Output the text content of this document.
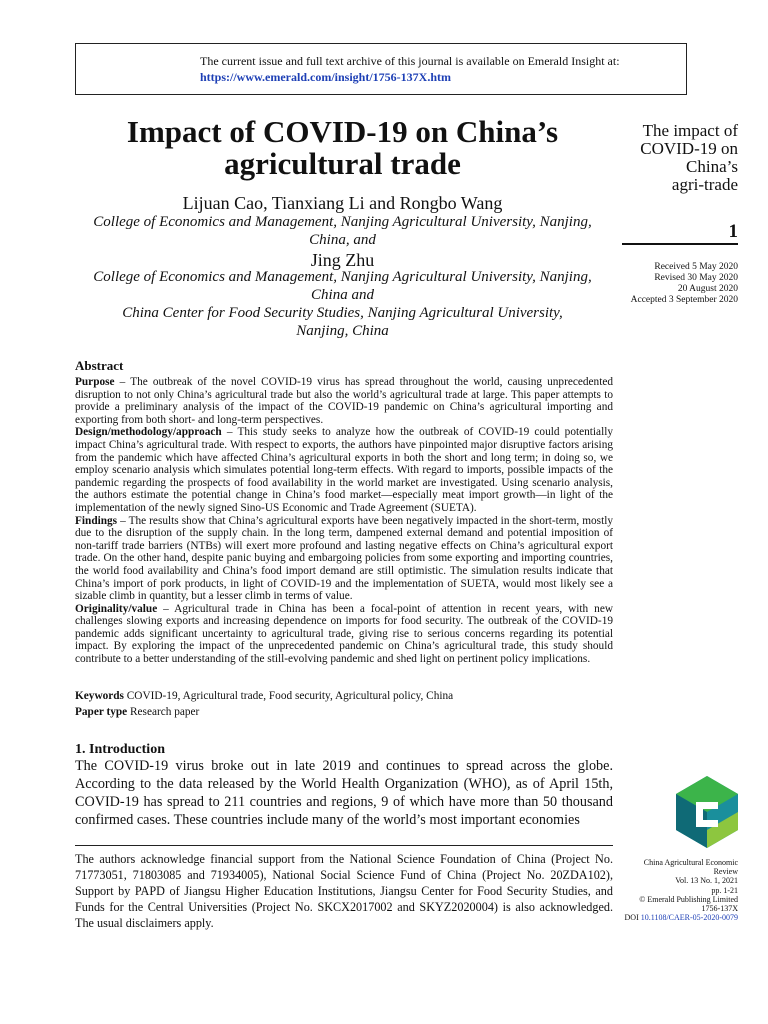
The current issue and full text archive of this journal is available on Emerald Insight at:
https://www.emerald.com/insight/1756-137X.htm
Impact of COVID-19 on China’s
agricultural trade
Lijuan Cao, Tianxiang Li and Rongbo Wang
College of Economics and Management, Nanjing Agricultural University, Nanjing,
China, and
Jing Zhu
College of Economics and Management, Nanjing Agricultural University, Nanjing,
China and
China Center for Food Security Studies, Nanjing Agricultural University,
Nanjing, China
The impact of
COVID-19 on
China’s
agri-trade
1
Received 5 May 2020
Revised 30 May 2020
20 August 2020
Accepted 3 September 2020
Abstract

Purpose – The outbreak of the novel COVID-19 virus has spread throughout the world, causing unprecedented disruption to not only China’s agricultural trade but also the world’s agricultural trade at large. This paper attempts to provide a preliminary analysis of the impact of the COVID-19 pandemic on China’s agricultural importing and exporting from both short- and long-term perspectives.

Design/methodology/approach – This study seeks to analyze how the outbreak of COVID-19 could potentially impact China’s agricultural trade. With respect to exports, the authors have pinpointed major disruptive factors arising from the pandemic which have affected China’s agricultural exports in both the short and long term; in doing so, we employ scenario analysis which simulates potential long-term effects. With regard to imports, possible impacts of the pandemic regarding the prospects of food availability in the world market are investigated. Using scenario analysis, the authors estimate the potential change in China’s food market—especially meat import growth—in light of the implementation of the newly signed Sino-US Economic and Trade Agreement (SUETA).

Findings – The results show that China’s agricultural exports have been negatively impacted in the short-term, mostly due to the disruption of the supply chain. In the long term, dampened external demand and potential imposition of non-tariff trade barriers (NTBs) will exert more profound and lasting negative effects on China’s agricultural export trade. On the other hand, despite panic buying and embargoing policies from some exporting and importing countries, the world food availability and China’s food import demand are still optimistic. The simulation results indicate that China’s import of pork products, in light of COVID-19 and the implementation of SUETA, would most likely see a sizable climb in quantity, but a lesser climb in terms of value.

Originality/value – Agricultural trade in China has been a focal-point of attention in recent years, with new challenges slowing exports and increasing dependence on imports for food security. The outbreak of the COVID-19 pandemic adds significant uncertainty to agricultural trade, giving rise to serious concerns regarding its potential impact. By exploring the impact of the unprecedented pandemic on China’s agricultural trade, this study should contribute to a better understanding of the still-evolving pandemic and shed light on pertinent policy implications.

Keywords COVID-19, Agricultural trade, Food security, Agricultural policy, China

Paper type Research paper

1. Introduction

The COVID-19 virus broke out in late 2019 and continues to spread across the globe. According to the data released by the World Health Organization (WHO), as of April 15th, COVID-19 has spread to 211 countries and regions, 9 of which have more than 50 thousand confirmed cases. These countries include many of the world’s most important economies

The authors acknowledge financial support from the National Science Foundation of China (Project No. 71773051, 71803085 and 71934005), National Social Science Fund of China (Project No. 20ZDA102), Support by PAPD of Jiangsu Higher Education Institutions, Jiangsu Center for Food Security Studies, and Funds for the Central Universities (Project No. SKCX2017002 and SKYZ2020004) is also acknowledged. The usual disclaimers apply.

China Agricultural Economic
Review
Vol. 13 No. 1, 2021
pp. 1-21
© Emerald Publishing Limited
1756-137X
DOI 10.1108/CAER-05-2020-0079
